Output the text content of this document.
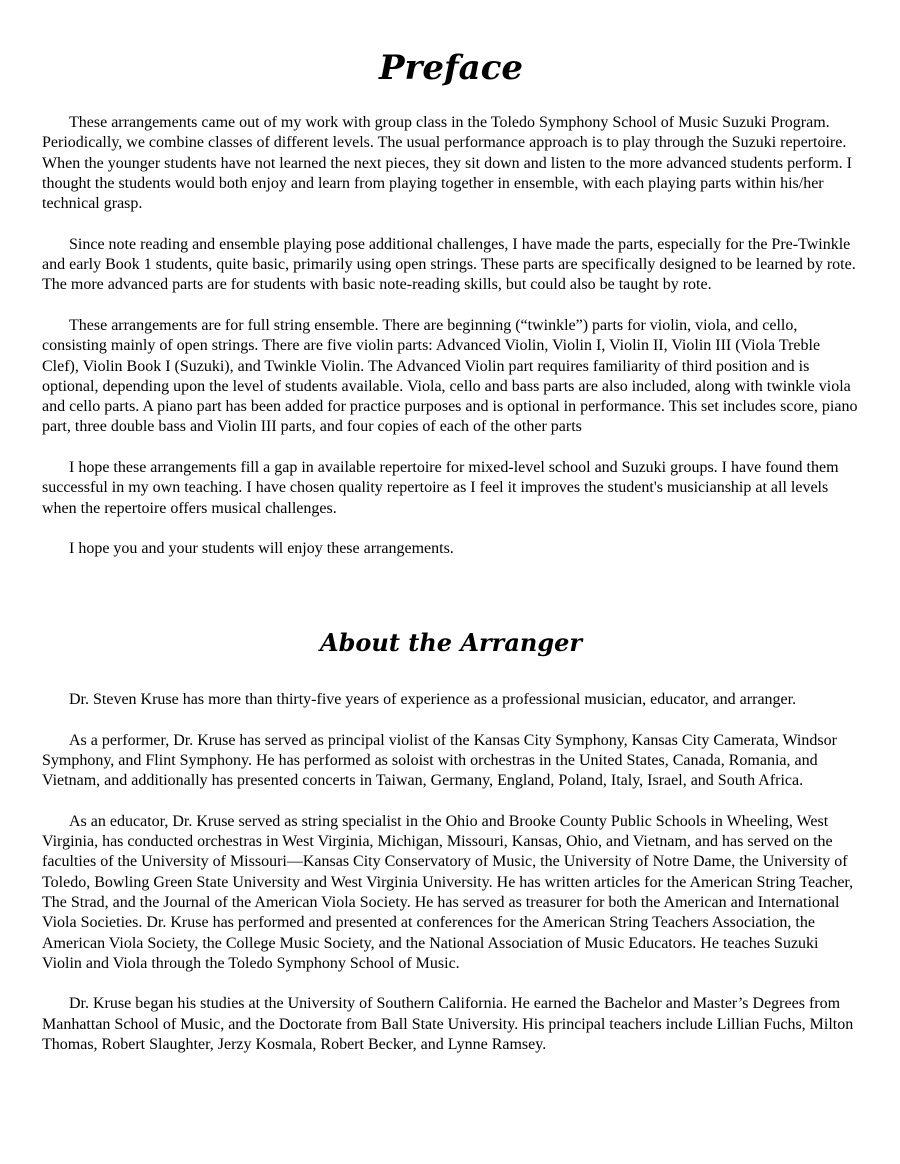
Preface

These arrangements came out of my work with group class in the Toledo Symphony School of Music Suzuki Program. Periodically, we combine classes of different levels. The usual performance approach is to play through the Suzuki repertoire. When the younger students have not learned the next pieces, they sit down and listen to the more advanced students perform. I thought the students would both enjoy and learn from playing together in ensemble, with each playing parts within his/her technical grasp.

Since note reading and ensemble playing pose additional challenges, I have made the parts, especially for the Pre-Twinkle and early Book 1 students, quite basic, primarily using open strings. These parts are specifically designed to be learned by rote. The more advanced parts are for students with basic note-reading skills, but could also be taught by rote.

These arrangements are for full string ensemble. There are beginning (“twinkle”) parts for violin, viola, and cello, consisting mainly of open strings. There are five violin parts: Advanced Violin, Violin I, Violin II, Violin III (Viola Treble Clef), Violin Book I (Suzuki), and Twinkle Violin. The Advanced Violin part requires familiarity of third position and is optional, depending upon the level of students available. Viola, cello and bass parts are also included, along with twinkle viola and cello parts. A piano part has been added for practice purposes and is optional in performance. This set includes score, piano part, three double bass and Violin III parts, and four copies of each of the other parts

I hope these arrangements fill a gap in available repertoire for mixed-level school and Suzuki groups. I have found them successful in my own teaching. I have chosen quality repertoire as I feel it improves the student's musicianship at all levels when the repertoire offers musical challenges.

I hope you and your students will enjoy these arrangements.

About the Arranger

Dr. Steven Kruse has more than thirty-five years of experience as a professional musician, educator, and arranger.

As a performer, Dr. Kruse has served as principal violist of the Kansas City Symphony, Kansas City Camerata, Windsor Symphony, and Flint Symphony. He has performed as soloist with orchestras in the United States, Canada, Romania, and Vietnam, and additionally has presented concerts in Taiwan, Germany, England, Poland, Italy, Israel, and South Africa.

As an educator, Dr. Kruse served as string specialist in the Ohio and Brooke County Public Schools in Wheeling, West Virginia, has conducted orchestras in West Virginia, Michigan, Missouri, Kansas, Ohio, and Vietnam, and has served on the faculties of the University of Missouri—Kansas City Conservatory of Music, the University of Notre Dame, the University of Toledo, Bowling Green State University and West Virginia University. He has written articles for the American String Teacher, The Strad, and the Journal of the American Viola Society. He has served as treasurer for both the American and International Viola Societies. Dr. Kruse has performed and presented at conferences for the American String Teachers Association, the American Viola Society, the College Music Society, and the National Association of Music Educators. He teaches Suzuki Violin and Viola through the Toledo Symphony School of Music.

Dr. Kruse began his studies at the University of Southern California. He earned the Bachelor and Master’s Degrees from Manhattan School of Music, and the Doctorate from Ball State University. His principal teachers include Lillian Fuchs, Milton Thomas, Robert Slaughter, Jerzy Kosmala, Robert Becker, and Lynne Ramsey.
